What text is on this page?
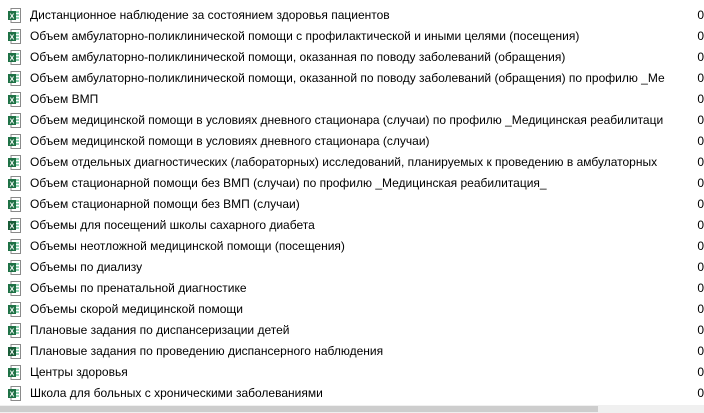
X Дистанционное наблюдение за состоянием здоровья пациентов	0
X Объем амбулаторно-поликлинической помощи с профилактической и иными целями (посещения)	0
X Объем амбулаторно-поликлинической помощи, оказанная по поводу заболеваний (обращения)	0
X Объем амбулаторно-поликлинической помощи, оказанной по поводу заболеваний (обращения) по профилю _Ме	0
X Объем ВМП	0
X Объем медицинской помощи в условиях дневного стационара (случаи) по профилю _Медицинская реабилитаци	0
X Объем медицинской помощи в условиях дневного стационара (случаи)	0
X Объем отдельных диагностических (лабораторных) исследований, планируемых к проведению в амбулаторных	0
X Объем стационарной помощи без ВМП (случаи) по профилю _Медицинская реабилитация_	0
X Объем стационарной помощи без ВМП (случаи)	0
X Объемы для посещений школы сахарного диабета	0
X Объемы неотложной медицинской помощи (посещения)	0
X Объемы по диализу	0
X Объемы по пренатальной диагностике	0
X Объемы скорой медицинской помощи	0
X Плановые задания по диспансеризации детей	0
X Плановые задания по проведению диспансерного наблюдения	0
X Центры здоровья	0
X Школа для больных с хроническими заболеваниями	0
